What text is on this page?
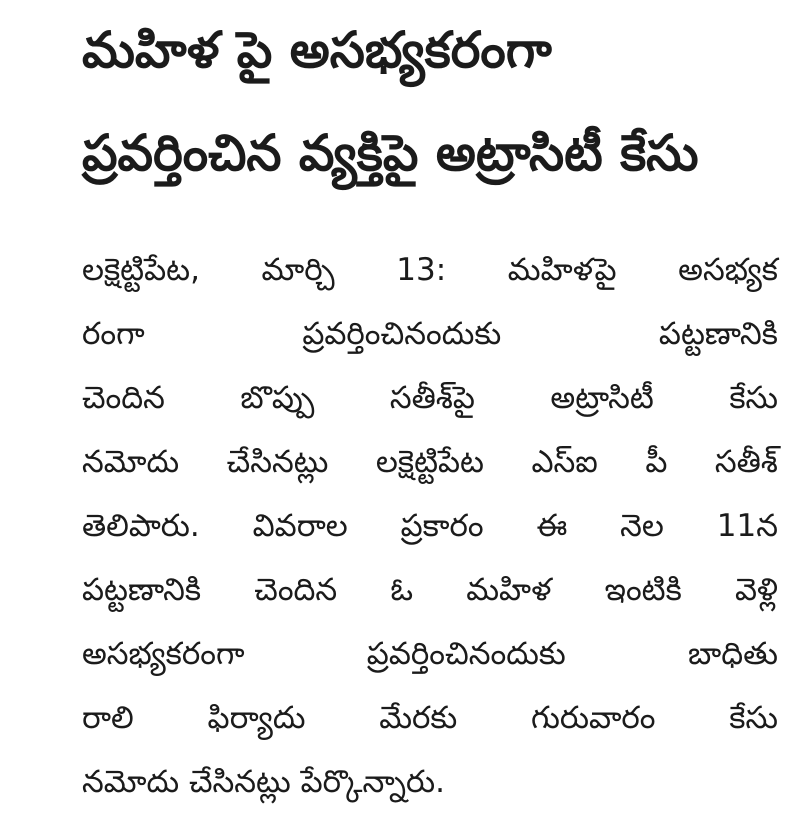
మహిళ పై అసభ్యకరంగా
ప్రవర్తించిన వ్యక్తిపై అట్రాసిటీ కేసు
లక్షెట్టిపేట, మార్చి 13: మహిళపై అసభ్యక
రంగా	ప్రవర్తించినందుకు	పట్టణానికి
చెందిన బొప్పు సతీశ్‌పై అట్రాసిటీ కేసు
నమోదు చేసినట్లు లక్షెట్టిపేట ఎస్‌ఐ పీ సతీశ్
తెలిపారు. వివరాల ప్రకారం ఈ నెల 11న
పట్టణానికి చెందిన ఓ మహిళ ఇంటికి వెళ్లి
అసభ్యకరంగా	ప్రవర్తించినందుకు	బాధితు
రాలి ఫిర్యాదు మేరకు గురువారం కేసు
నమోదు చేసినట్లు పేర్కొన్నారు.
